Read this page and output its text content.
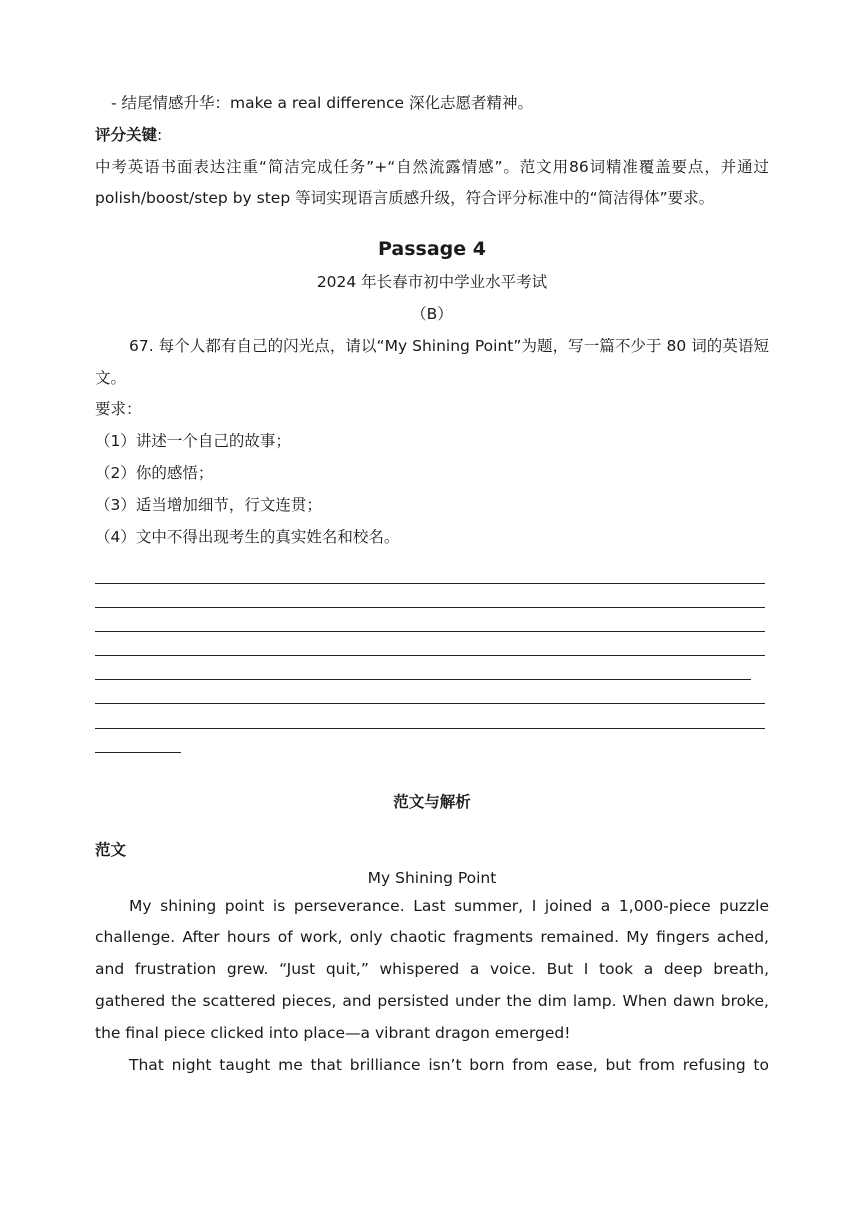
- 结尾情感升华：make a real difference 深化志愿者精神。

评分关键:

中考英语书面表达注重“简洁完成任务”+“自然流露情感”。范文用86词精准覆盖要点，并通过 polish/boost/step by step 等词实现语言质感升级，符合评分标准中的“简洁得体”要求。

Passage 4

2024 年长春市初中学业水平考试

（B）

67. 每个人都有自己的闪光点，请以“My Shining Point”为题，写一篇不少于 80 词的英语短文。

要求：

（1）讲述一个自己的故事；

（2）你的感悟；

（3）适当增加细节，行文连贯；

（4）文中不得出现考生的真实姓名和校名。

范文与解析

范文

My Shining Point

My shining point is perseverance. Last summer, I joined a 1,000-piece puzzle challenge. After hours of work, only chaotic fragments remained. My fingers ached, and frustration grew. “Just quit,” whispered a voice. But I took a deep breath, gathered the scattered pieces, and persisted under the dim lamp. When dawn broke, the final piece clicked into place—a vibrant dragon emerged!

That night taught me that brilliance isn’t born from ease, but from refusing to
